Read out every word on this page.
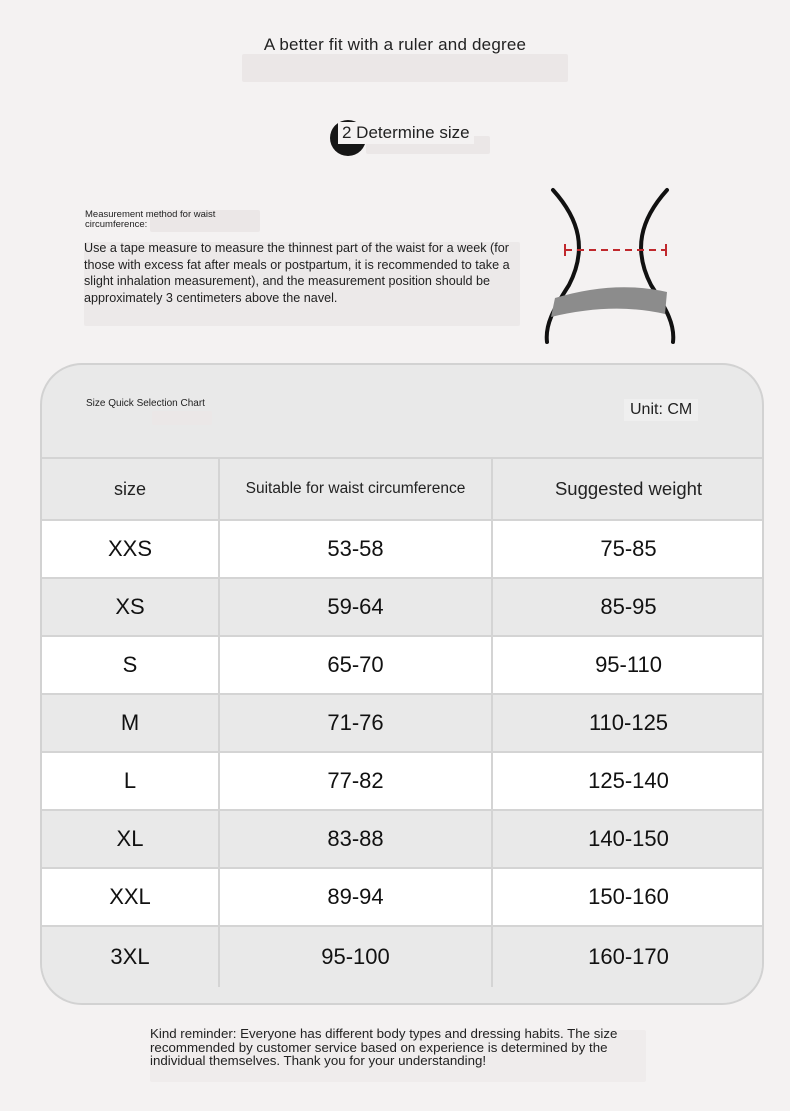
A better fit with a ruler and degree
2 Determine size
Measurement method for waist circumference:
Use a tape measure to measure the thinnest part of the waist for a week (for those with excess fat after meals or postpartum, it is recommended to take a slight inhalation measurement), and the measurement position should be approximately 3 centimeters above the navel.
Size Quick Selection Chart	Unit: CM
size	Suitable for waist circumference	Suggested weight
XXS	53-58	75-85
XS	59-64	85-95
S	65-70	95-110
M	71-76	110-125
L	77-82	125-140
XL	83-88	140-150
XXL	89-94	150-160
3XL	95-100	160-170
Kind reminder: Everyone has different body types and dressing habits. The size recommended by customer service based on experience is determined by the individual themselves. Thank you for your understanding!
